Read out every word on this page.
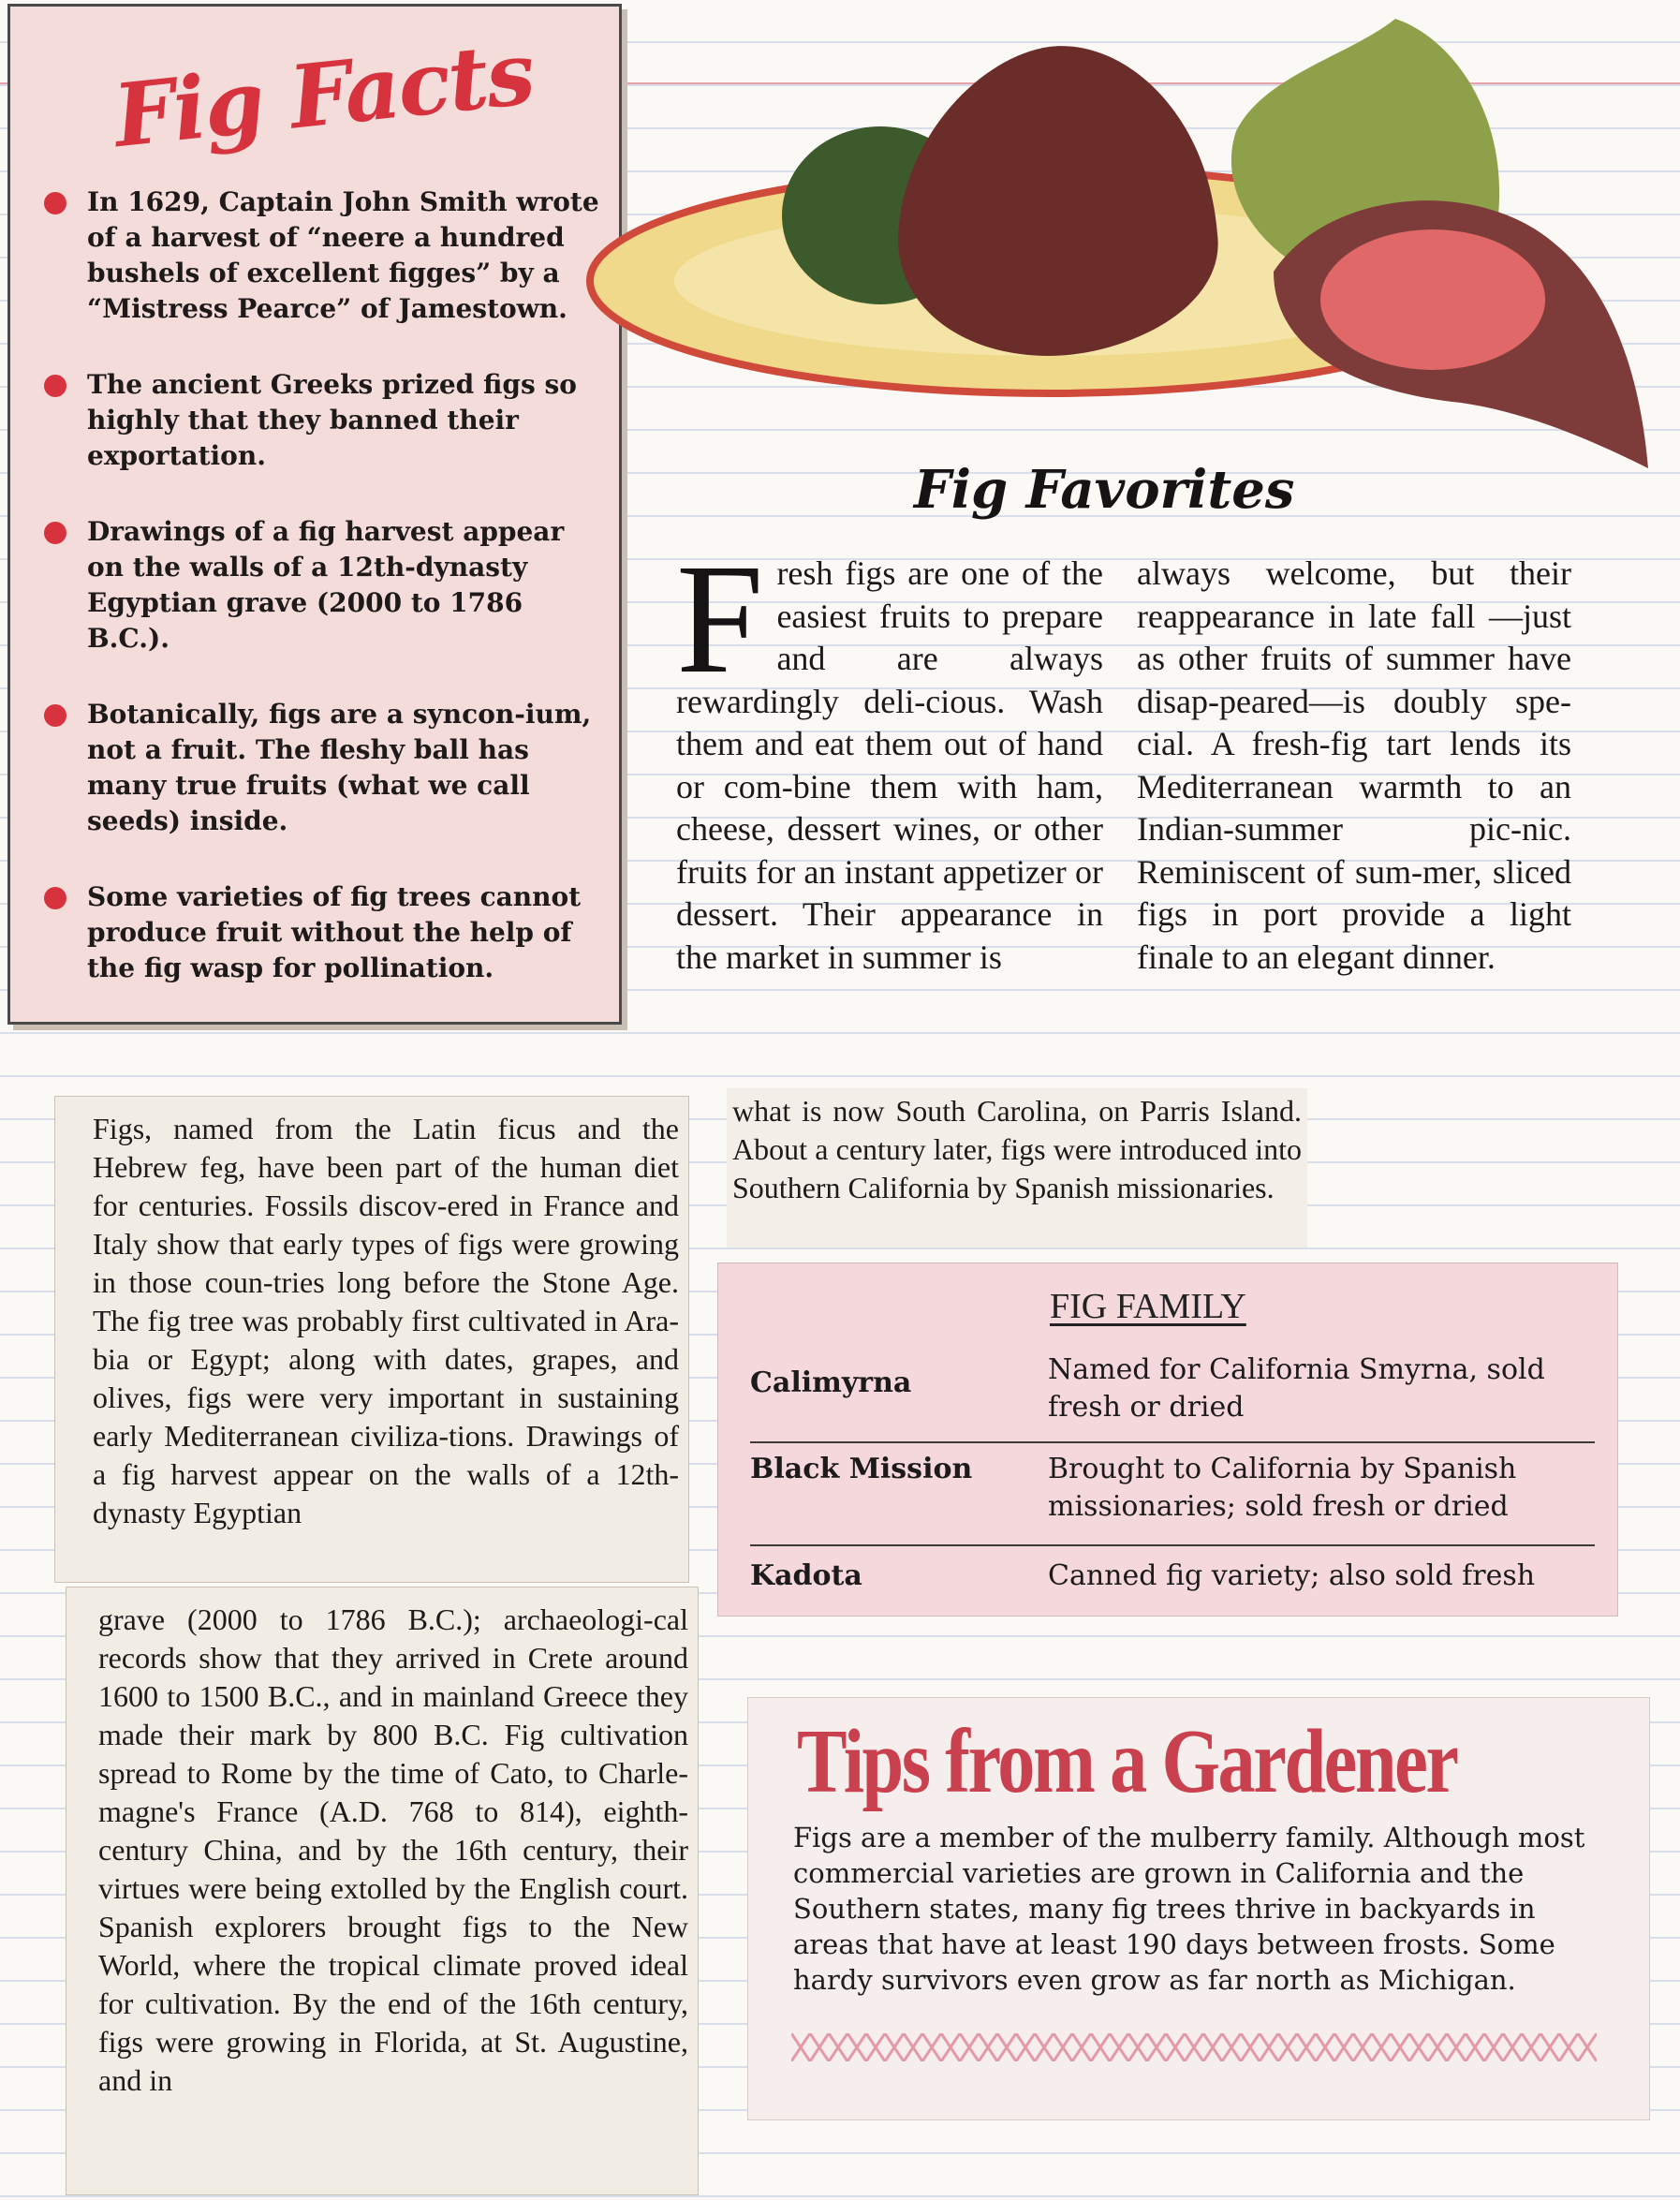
Fig Facts
In 1629, Captain John Smith wrote of a harvest of “neere a hundred bushels of excellent figges” by a “Mistress Pearce” of Jamestown.
The ancient Greeks prized figs so highly that they banned their exportation.
Drawings of a fig harvest appear on the walls of a 12th-dynasty Egyptian grave (2000 to 1786 B.C.).
Botanically, figs are a syncon-ium, not a fruit. The fleshy ball has many true fruits (what we call seeds) inside.
Some varieties of fig trees cannot produce fruit without the help of the fig wasp for pollination.
Fig Favorites
Fresh figs are one of the easiest fruits to prepare and are always rewardingly deli-cious. Wash them and eat them out of hand or com-bine them with ham, cheese, dessert wines, or other fruits for an instant appetizer or dessert. Their appearance in the market in summer is
always welcome, but their reappearance in late fall —just as other fruits of summer have disap-peared—is doubly spe-cial. A fresh-fig tart lends its Mediterranean warmth to an Indian-summer pic-nic. Reminiscent of sum-mer, sliced figs in port provide a light finale to an elegant dinner.
Figs, named from the Latin ficus and the Hebrew feg, have been part of the human diet for centuries. Fossils discov-ered in France and Italy show that early types of figs were growing in those coun-tries long before the Stone Age. The fig tree was probably first cultivated in Ara-bia or Egypt; along with dates, grapes, and olives, figs were very important in sustaining early Mediterranean civiliza-tions. Drawings of a fig harvest appear on the walls of a 12th-dynasty Egyptian
grave (2000 to 1786 B.C.); archaeologi-cal records show that they arrived in Crete around 1600 to 1500 B.C., and in mainland Greece they made their mark by 800 B.C. Fig cultivation spread to Rome by the time of Cato, to Charle-magne's France (A.D. 768 to 814), eighth-century China, and by the 16th century, their virtues were being extolled by the English court. Spanish explorers brought figs to the New World, where the tropical climate proved ideal for cultivation. By the end of the 16th century, figs were growing in Florida, at St. Augustine, and in
what is now South Carolina, on Parris Island. About a century later, figs were introduced into Southern California by Spanish missionaries.
FIG FAMILY
Calimyrna	Named for California Smyrna, sold fresh or dried
Black Mission	Brought to California by Spanish missionaries; sold fresh or dried
Kadota	Canned fig variety; also sold fresh
Tips from a Gardener
Figs are a member of the mulberry family. Although most commercial varieties are grown in California and the Southern states, many fig trees thrive in backyards in areas that have at least 190 days between frosts. Some hardy survivors even grow as far north as Michigan.
